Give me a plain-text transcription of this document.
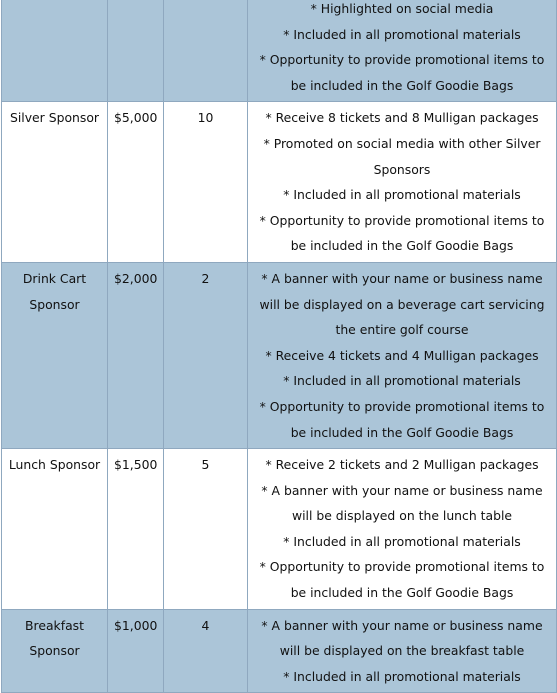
			* Highlighted on social media
* Included in all promotional materials
* Opportunity to provide promotional items to be included in the Golf Goodie Bags

Silver Sponsor	$5,000	10	* Receive 8 tickets and 8 Mulligan packages
* Promoted on social media with other Silver Sponsors
* Included in all promotional materials
* Opportunity to provide promotional items to be included in the Golf Goodie Bags

Drink Cart Sponsor	$2,000	2	* A banner with your name or business name will be displayed on a beverage cart servicing the entire golf course
* Receive 4 tickets and 4 Mulligan packages
* Included in all promotional materials
* Opportunity to provide promotional items to be included in the Golf Goodie Bags

Lunch Sponsor	$1,500	5	* Receive 2 tickets and 2 Mulligan packages
* A banner with your name or business name will be displayed on the lunch table
* Included in all promotional materials
* Opportunity to provide promotional items to be included in the Golf Goodie Bags

Breakfast Sponsor	$1,000	4	* A banner with your name or business name will be displayed on the breakfast table
* Included in all promotional materials
